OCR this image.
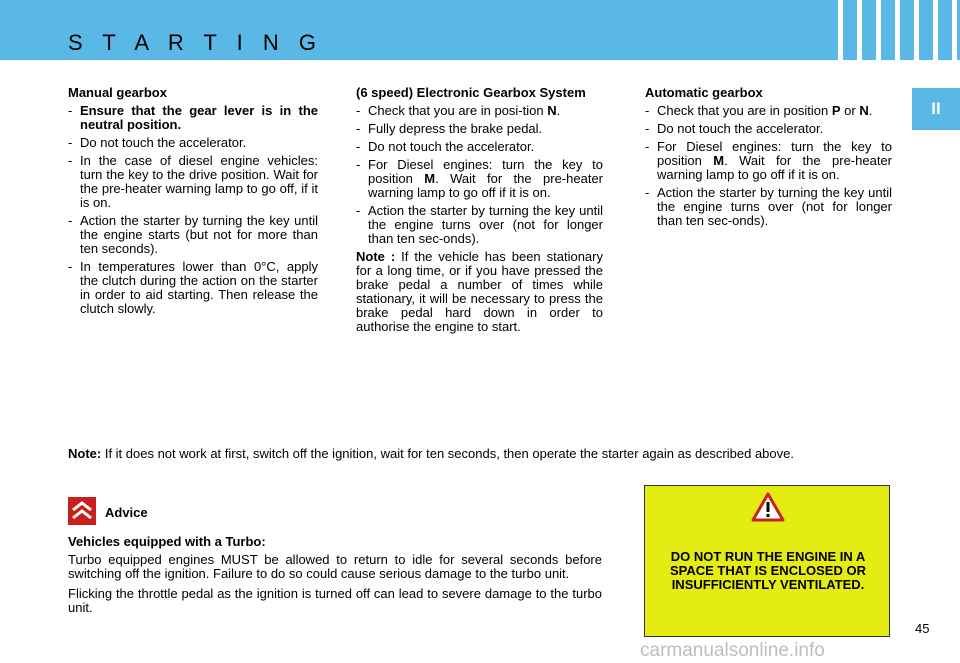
S T A R T I N G
II
Manual gearbox
- Ensure that the gear lever is in the neutral position.
- Do not touch the accelerator.
- In the case of diesel engine vehicles: turn the key to the drive position. Wait for the pre-heater warning lamp to go off, if it is on.
- Action the starter by turning the key until the engine starts (but not for more than ten seconds).
- In temperatures lower than 0°C, apply the clutch during the action on the starter in order to aid starting. Then release the clutch slowly.
(6 speed) Electronic Gearbox System
- Check that you are in posi-tion N.
- Fully depress the brake pedal.
- Do not touch the accelerator.
- For Diesel engines: turn the key to position M. Wait for the pre-heater warning lamp to go off if it is on.
- Action the starter by turning the key until the engine turns over (not for longer than ten sec-onds).

Note : If the vehicle has been stationary for a long time, or if you have pressed the brake pedal a number of times while stationary, it will be necessary to press the brake pedal hard down in order to authorise the engine to start.

Automatic gearbox
- Check that you are in position P or N.
- Do not touch the accelerator.
- For Diesel engines: turn the key to position M. Wait for the pre-heater warning lamp to go off if it is on.
- Action the starter by turning the key until the engine turns over (not for longer than ten sec-onds).
Note: If it does not work at first, switch off the ignition, wait for ten seconds, then operate the starter again as described above.
Advice
Vehicles equipped with a Turbo:

Turbo equipped engines MUST be allowed to return to idle for several seconds before switching off the ignition. Failure to do so could cause serious damage to the turbo unit.

Flicking the throttle pedal as the ignition is turned off can lead to severe damage to the turbo unit.

DO NOT RUN THE ENGINE IN A SPACE THAT IS ENCLOSED OR INSUFFICIENTLY VENTILATED.
45
carmanualsonline.info
